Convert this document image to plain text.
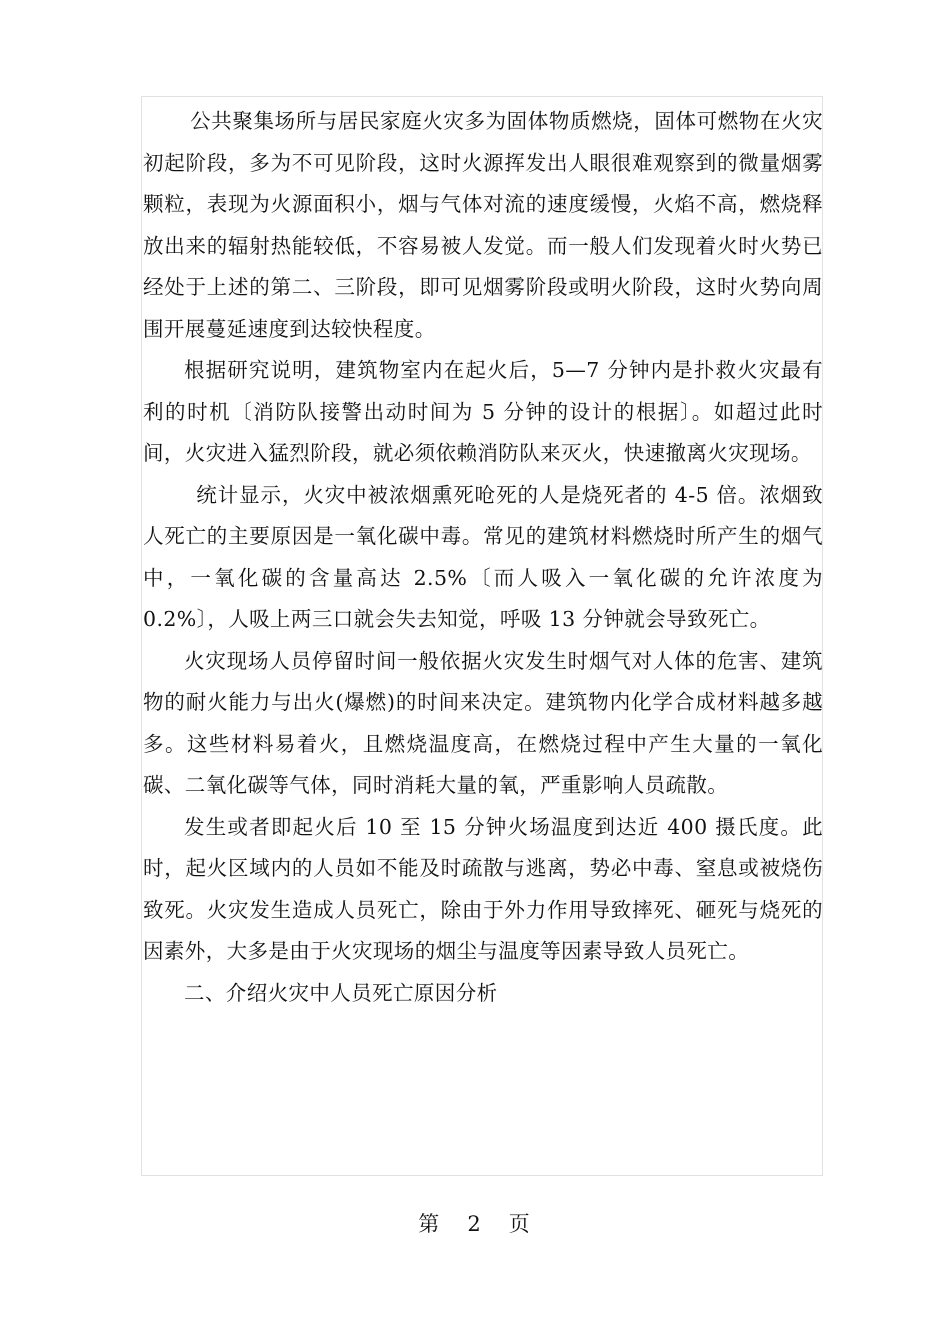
公共聚集场所与居民家庭火灾多为固体物质燃烧，固体可燃物在火灾初起阶段，多为不可见阶段，这时火源挥发出人眼很难观察到的微量烟雾颗粒，表现为火源面积小，烟与气体对流的速度缓慢，火焰不高，燃烧释放出来的辐射热能较低，不容易被人发觉。而一般人们发现着火时火势已经处于上述的第二、三阶段，即可见烟雾阶段或明火阶段，这时火势向周围开展蔓延速度到达较快程度。

根据研究说明，建筑物室内在起火后，5—7 分钟内是扑救火灾最有利的时机〔消防队接警出动时间为 5 分钟的设计的根据〕。如超过此时间，火灾进入猛烈阶段，就必须依赖消防队来灭火，快速撤离火灾现场。

统计显示，火灾中被浓烟熏死呛死的人是烧死者的 4-5 倍。浓烟致人死亡的主要原因是一氧化碳中毒。常见的建筑材料燃烧时所产生的烟气中，一氧化碳的含量高达 2.5%〔而人吸入一氧化碳的允许浓度为 0.2%〕，人吸上两三口就会失去知觉，呼吸 13 分钟就会导致死亡。

火灾现场人员停留时间一般依据火灾发生时烟气对人体的危害、建筑物的耐火能力与出火(爆燃)的时间来决定。建筑物内化学合成材料越多越多。这些材料易着火，且燃烧温度高，在燃烧过程中产生大量的一氧化碳、二氧化碳等气体，同时消耗大量的氧，严重影响人员疏散。

发生或者即起火后 10 至 15 分钟火场温度到达近 400 摄氏度。此时，起火区域内的人员如不能及时疏散与逃离，势必中毒、窒息或被烧伤致死。火灾发生造成人员死亡，除由于外力作用导致摔死、砸死与烧死的因素外，大多是由于火灾现场的烟尘与温度等因素导致人员死亡。

二、介绍火灾中人员死亡原因分析

第 2 页
